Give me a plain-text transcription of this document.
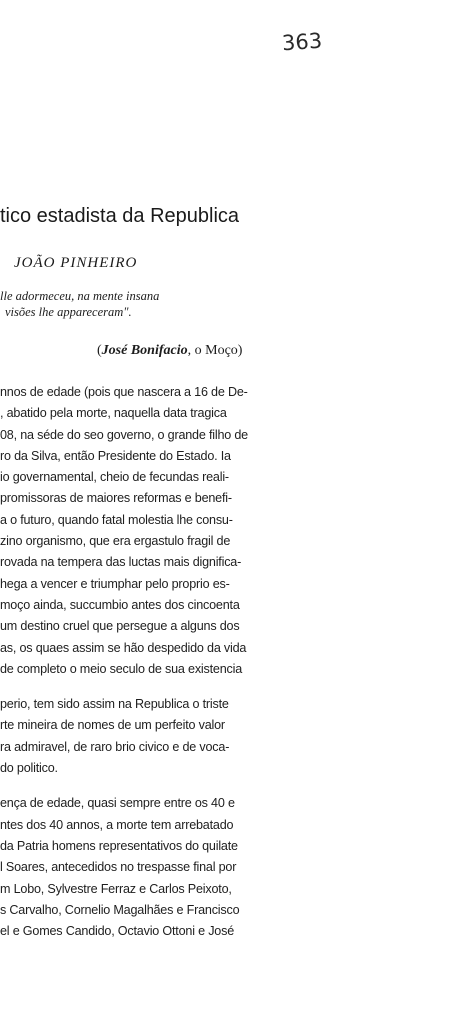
363
tico estadista da Republica
JOÃO PINHEIRO
lle adormeceu, na mente insana
visões lhe appareceram".
(José Bonifacio, o Moço)

nnos de edade (pois que nascera a 16 de De-
, abatido pela morte, naquella data tragica
08, na séde do seo governo, o grande filho de
ro da Silva, então Presidente do Estado. Ia
io governamental, cheio de fecundas reali-
promissoras de maiores reformas e benefi-
a o futuro, quando fatal molestia lhe consu-
zino organismo, que era ergastulo fragil de
rovada na tempera das luctas mais dignifica-
hega a vencer e triumphar pelo proprio es-
moço ainda, succumbio antes dos cincoenta
um destino cruel que persegue a alguns dos
as, os quaes assim se hão despedido da vida
de completo o meio seculo de sua existencia

perio, tem sido assim na Republica o triste
rte mineira de nomes de um perfeito valor
ra admiravel, de raro brio civico e de voca-
do politico.

ença de edade, quasi sempre entre os 40 e
ntes dos 40 annos, a morte tem arrebatado
da Patria homens representativos do quilate
l Soares, antecedidos no trespasse final por
m Lobo, Sylvestre Ferraz e Carlos Peixoto,
s Carvalho, Cornelio Magalhães e Francisco
el e Gomes Candido, Octavio Ottoni e José
